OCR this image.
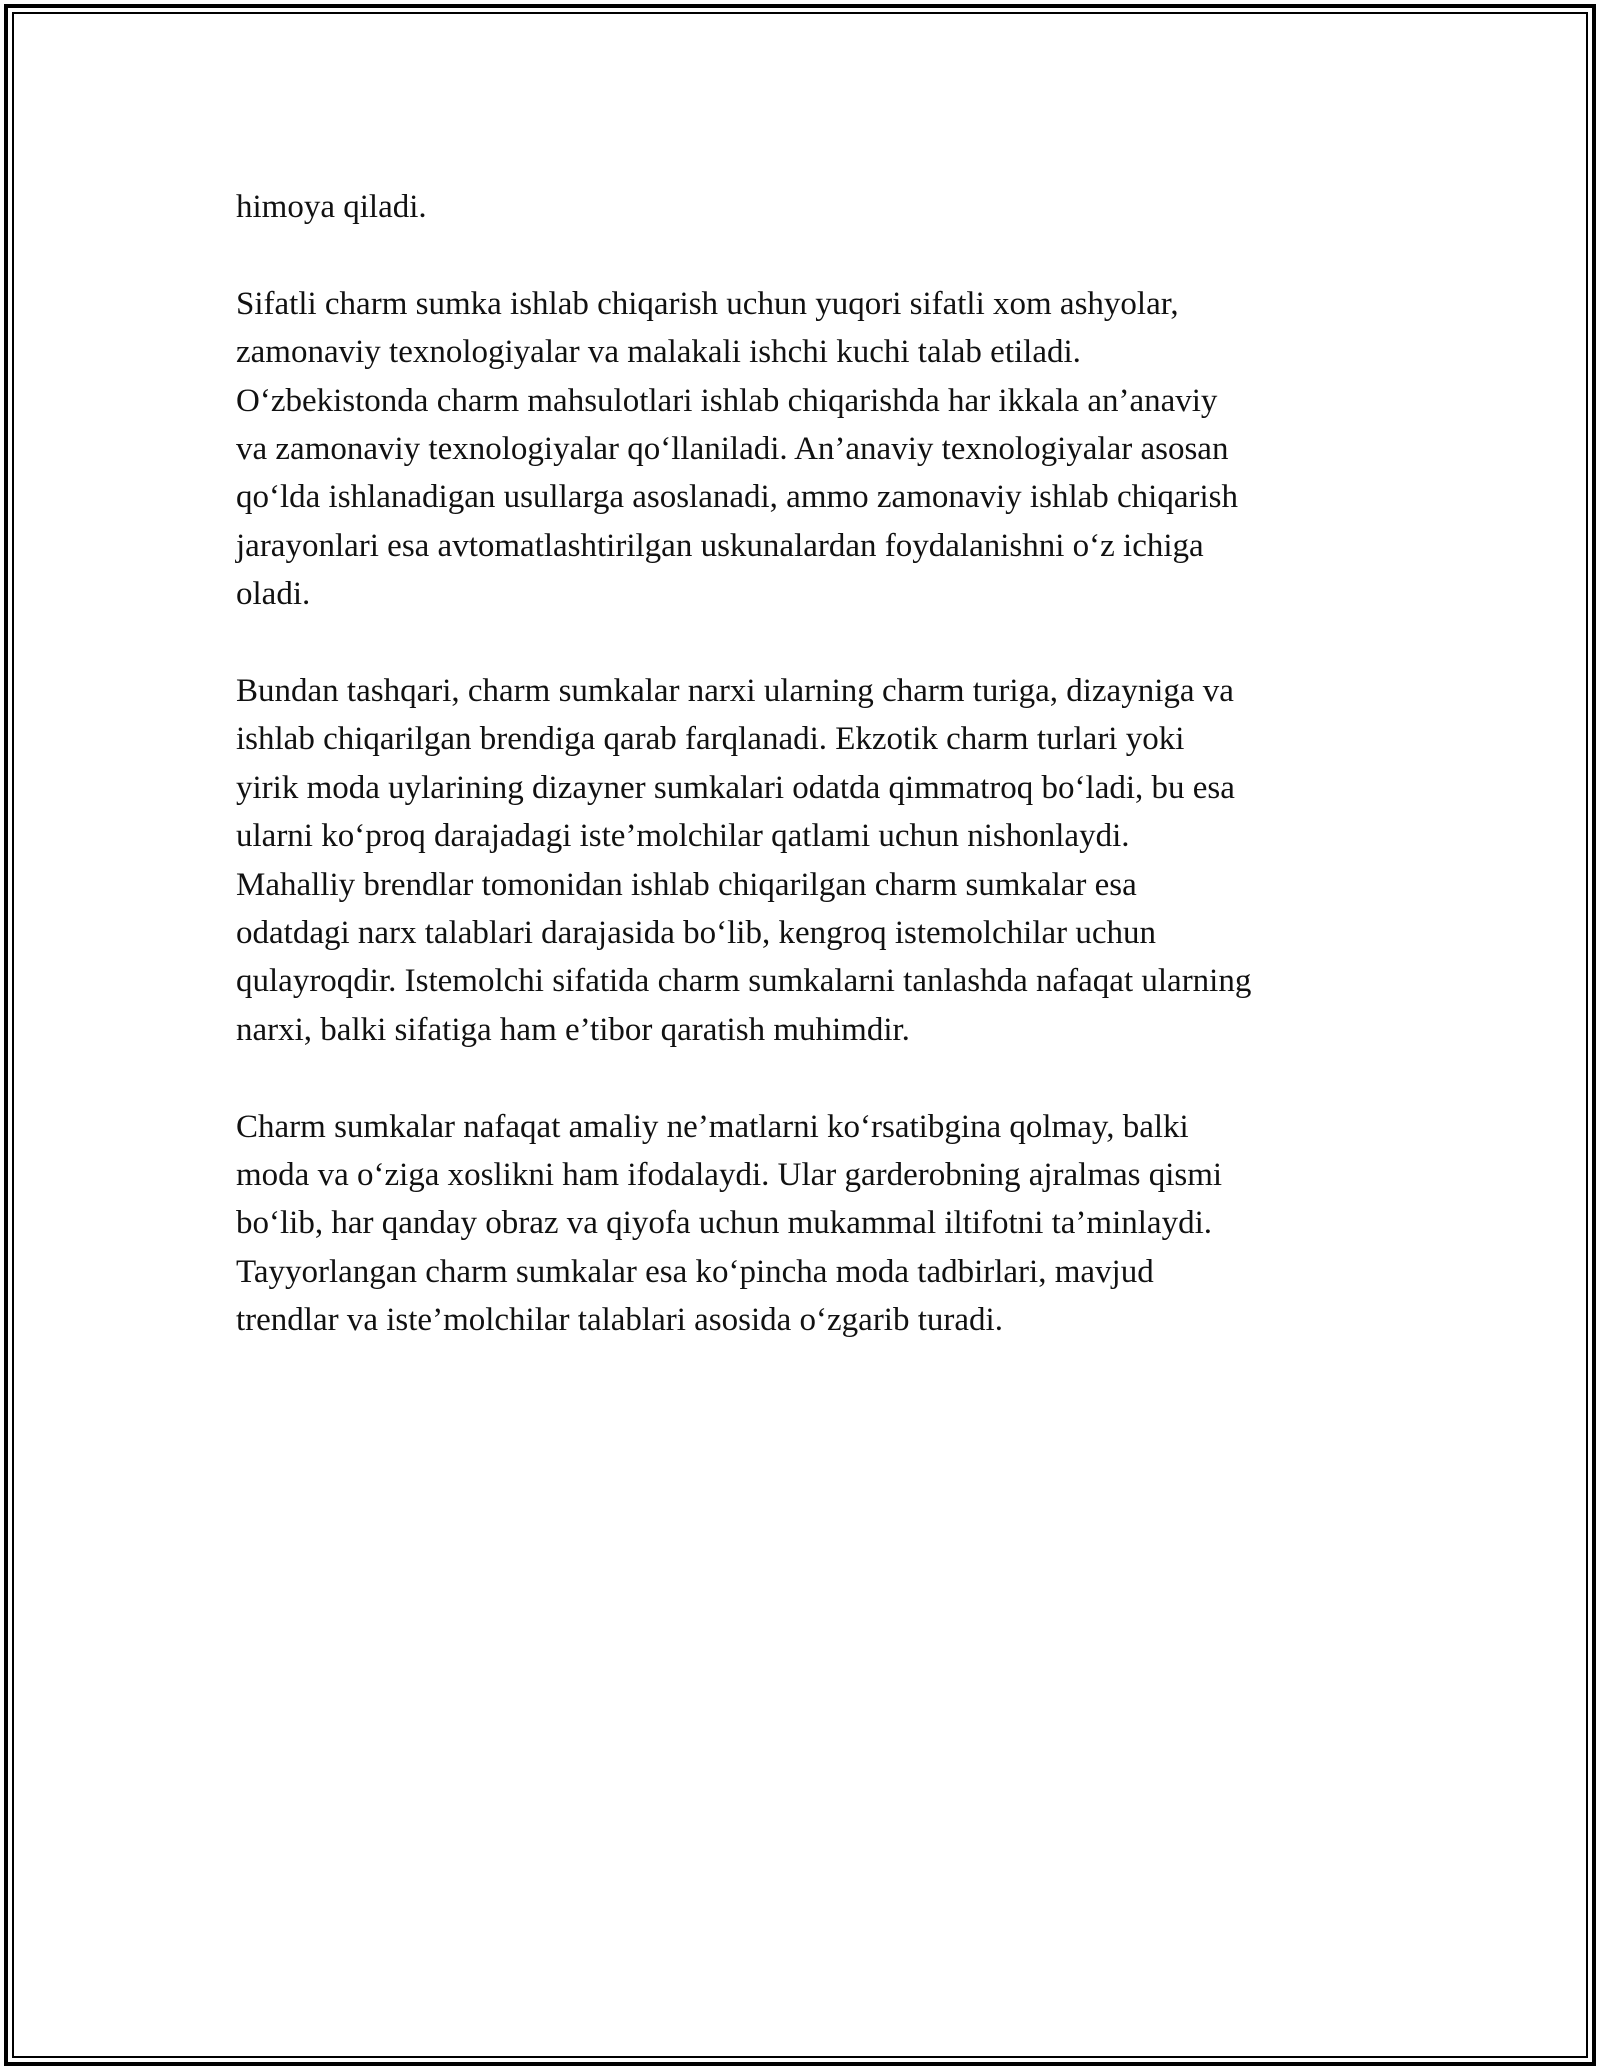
himoya qiladi.

Sifatli charm sumka ishlab chiqarish uchun yuqori sifatli xom ashyolar,
zamonaviy texnologiyalar va malakali ishchi kuchi talab etiladi.
O‘zbekistonda charm mahsulotlari ishlab chiqarishda har ikkala an’anaviy
va zamonaviy texnologiyalar qo‘llaniladi. An’anaviy texnologiyalar asosan
qo‘lda ishlanadigan usullarga asoslanadi, ammo zamonaviy ishlab chiqarish
jarayonlari esa avtomatlashtirilgan uskunalardan foydalanishni o‘z ichiga
oladi.

Bundan tashqari, charm sumkalar narxi ularning charm turiga, dizayniga va
ishlab chiqarilgan brendiga qarab farqlanadi. Ekzotik charm turlari yoki
yirik moda uylarining dizayner sumkalari odatda qimmatroq bo‘ladi, bu esa
ularni ko‘proq darajadagi iste’molchilar qatlami uchun nishonlaydi.
Mahalliy brendlar tomonidan ishlab chiqarilgan charm sumkalar esa
odatdagi narx talablari darajasida bo‘lib, kengroq istemolchilar uchun
qulayroqdir. Istemolchi sifatida charm sumkalarni tanlashda nafaqat ularning
narxi, balki sifatiga ham e’tibor qaratish muhimdir.

Charm sumkalar nafaqat amaliy ne’matlarni ko‘rsatibgina qolmay, balki
moda va o‘ziga xoslikni ham ifodalaydi. Ular garderobning ajralmas qismi
bo‘lib, har qanday obraz va qiyofa uchun mukammal iltifotni ta’minlaydi.
Tayyorlangan charm sumkalar esa ko‘pincha moda tadbirlari, mavjud
trendlar va iste’molchilar talablari asosida o‘zgarib turadi.
